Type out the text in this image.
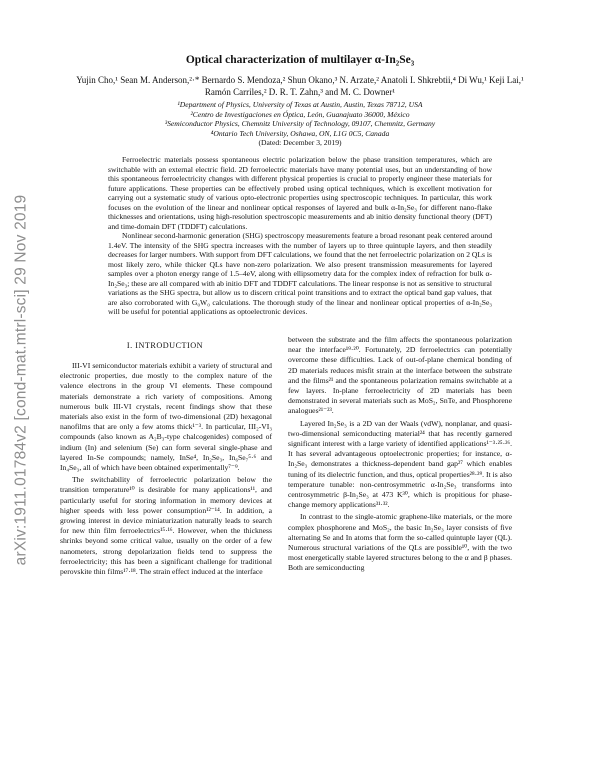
arXiv:1911.01784v2 [cond-mat.mtrl-sci] 29 Nov 2019
Optical characterization of multilayer α-In₂Se₃
Yujin Cho,¹ Sean M. Anderson,²·* Bernardo S. Mendoza,² Shun Okano,³ N. Arzate,² Anatoli I. Shkrebtii,⁴ Di Wu,¹ Keji Lai,¹ Ramón Carriles,² D. R. T. Zahn,³ and M. C. Downer¹
¹Department of Physics, University of Texas at Austin, Austin, Texas 78712, USA
²Centro de Investigaciones en Óptica, León, Guanajuato 36000, México
³Semiconductor Physics, Chemnitz University of Technology, 09107, Chemnitz, Germany
⁴Ontario Tech University, Oshawa, ON, L1G 0C5, Canada
(Dated: December 3, 2019)

Ferroelectric materials possess spontaneous electric polarization below the phase transition temperatures, which are switchable with an external electric field. 2D ferroelectric materials have many potential uses, but an understanding of how this spontaneous ferroelectricity changes with different physical properties is crucial to properly engineer these materials for future applications. These properties can be effectively probed using optical techniques, which is excellent motivation for carrying out a systematic study of various opto-electronic properties using spectroscopic techniques. In particular, this work focuses on the evolution of the linear and nonlinear optical responses of layered and bulk α-In₂Se₃ for different nano-flake thicknesses and orientations, using high-resolution spectroscopic measurements and ab initio density functional theory (DFT) and time-domain DFT (TDDFT) calculations.

Nonlinear second-harmonic generation (SHG) spectroscopy measurements feature a broad resonant peak centered around 1.4eV. The intensity of the SHG spectra increases with the number of layers up to three quintuple layers, and then steadily decreases for larger numbers. With support from DFT calculations, we found that the net ferroelectric polarization on 2 QLs is most likely zero, while thicker QLs have non-zero polarization. We also present transmission measurements for layered samples over a photon energy range of 1.5–4eV, along with ellipsometry data for the complex index of refraction for bulk α-In₂Se₃; these are all compared with ab initio DFT and TDDFT calculations. The linear response is not as sensitive to structural variations as the SHG spectra, but allow us to discern critical point transitions and to extract the optical band gap values, that are also corroborated with G₀W₀ calculations. The thorough study of the linear and nonlinear optical properties of α-In₂Se₃ will be useful for potential applications as optoelectronic devices.

I. INTRODUCTION

III-VI semiconductor materials exhibit a variety of structural and electronic properties, due mostly to the complex nature of the valence electrons in the group VI elements. These compound materials demonstrate a rich variety of compositions. Among numerous bulk III-VI crystals, recent findings show that these materials also exist in the form of two-dimensional (2D) hexagonal nanofilms that are only a few atoms thick¹⁻³. In particular, III₂-VI₃ compounds (also known as A₂B₃-type chalcogenides) composed of indium (In) and selenium (Se) can form several single-phase and layered In-Se compounds; namely, InSe⁴, In₂Se₃, In₆Se₇⁵·⁶ and In₄Se₃, all of which have been obtained experimentally⁷⁻⁹.

The switchability of ferroelectric polarization below the transition temperature¹⁰ is desirable for many applications¹¹, and particularly useful for storing information in memory devices at higher speeds with less power consumption¹²⁻¹⁴. In addition, a growing interest in device miniaturization naturally leads to search for new thin film ferroelectrics¹⁵·¹⁶. However, when the thickness shrinks beyond some critical value, usually on the order of a few nanometers, strong depolarization fields tend to suppress the ferroelectricity; this has been a significant challenge for traditional perovskite thin films¹⁷·¹⁸. The strain effect induced at the interface

between the substrate and the film affects the spontaneous polarization near the interface¹⁹·²⁰. Fortunately, 2D ferroelectrics can potentially overcome these difficulties. Lack of out-of-plane chemical bonding of 2D materials reduces misfit strain at the interface between the substrate and the films²¹ and the spontaneous polarization remains switchable at a few layers. In-plane ferroelectricity of 2D materials has been demonstrated in several materials such as MoS₂, SnTe, and Phosphorene analogues²¹⁻²³.

Layered In₂Se₃ is a 2D van der Waals (vdW), nonplanar, and quasi-two-dimensional semiconducting material²⁴ that has recently garnered significant interest with a large variety of identified applications¹⁻³·²⁵·²⁶. It has several advantageous optoelectronic properties; for instance, α-In₂Se₃ demonstrates a thickness-dependent band gap²⁷ which enables tuning of its dielectric function, and thus, optical properties²⁸·²⁹. It is also temperature tunable: non-centrosymmetric α-In₂Se₃ transforms into centrosymmetric β-In₂Se₃ at 473 K³⁰, which is propitious for phase-change memory applications³¹·³².

In contrast to the single-atomic graphene-like materials, or the more complex phosphorene and MoS₂, the basic In₂Se₃ layer consists of five alternating Se and In atoms that form the so-called quintuple layer (QL). Numerous structural variations of the QLs are possible¹⁰, with the two most energetically stable layered structures belong to the α and β phases. Both are semiconducting
